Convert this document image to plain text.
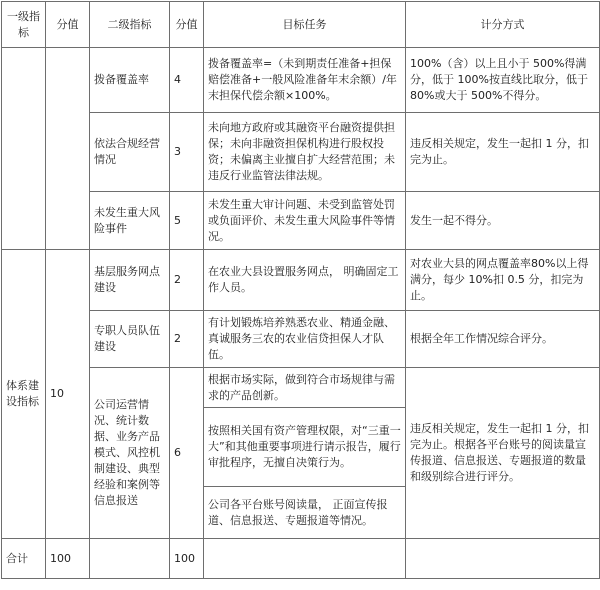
一级指标	分值	二级指标	分值	目标任务	计分方式
		拨备覆盖率	4	拨备覆盖率=（未到期责任准备+担保赔偿准备+一般风险准备年末余额）/年末担保代偿余额×100%。	100%（含）以上且小于 500%得满分，低于 100%按直线比取分，低于 80%或大于 500%不得分。
		依法合规经营情况	3	未向地方政府或其融资平台融资提供担保；未向非融资担保机构进行股权投资；未偏离主业擅自扩大经营范围；未违反行业监管法律法规。	违反相关规定，发生一起扣 1 分，扣完为止。
		未发生重大风险事件	5	未发生重大审计问题、未受到监管处罚或负面评价、未发生重大风险事件等情况。	发生一起不得分。
体系建设指标	10	基层服务网点建设	2	在农业大县设置服务网点， 明确固定工作人员。	对农业大县的网点覆盖率80%以上得满分，每少 10%扣 0.5 分，扣完为止。
		专职人员队伍建设	2	有计划锻炼培养熟悉农业、精通金融、真诚服务三农的农业信贷担保人才队伍。	根据全年工作情况综合评分。
		公司运营情况、统计数据、业务产品模式、风控机制建设、典型经验和案例等信息报送	6	根据市场实际，做到符合市场规律与需求的产品创新。	违反相关规定，发生一起扣 1 分，扣完为止。根据各平台账号的阅读量宣传报道、信息报送、专题报道的数量和级别综合进行评分。
				按照相关国有资产管理权限，对“三重一大”和其他重要事项进行请示报告，履行审批程序，无擅自决策行为。	
				公司各平台账号阅读量， 正面宣传报道、信息报送、专题报道等情况。	
合计	100		100		
